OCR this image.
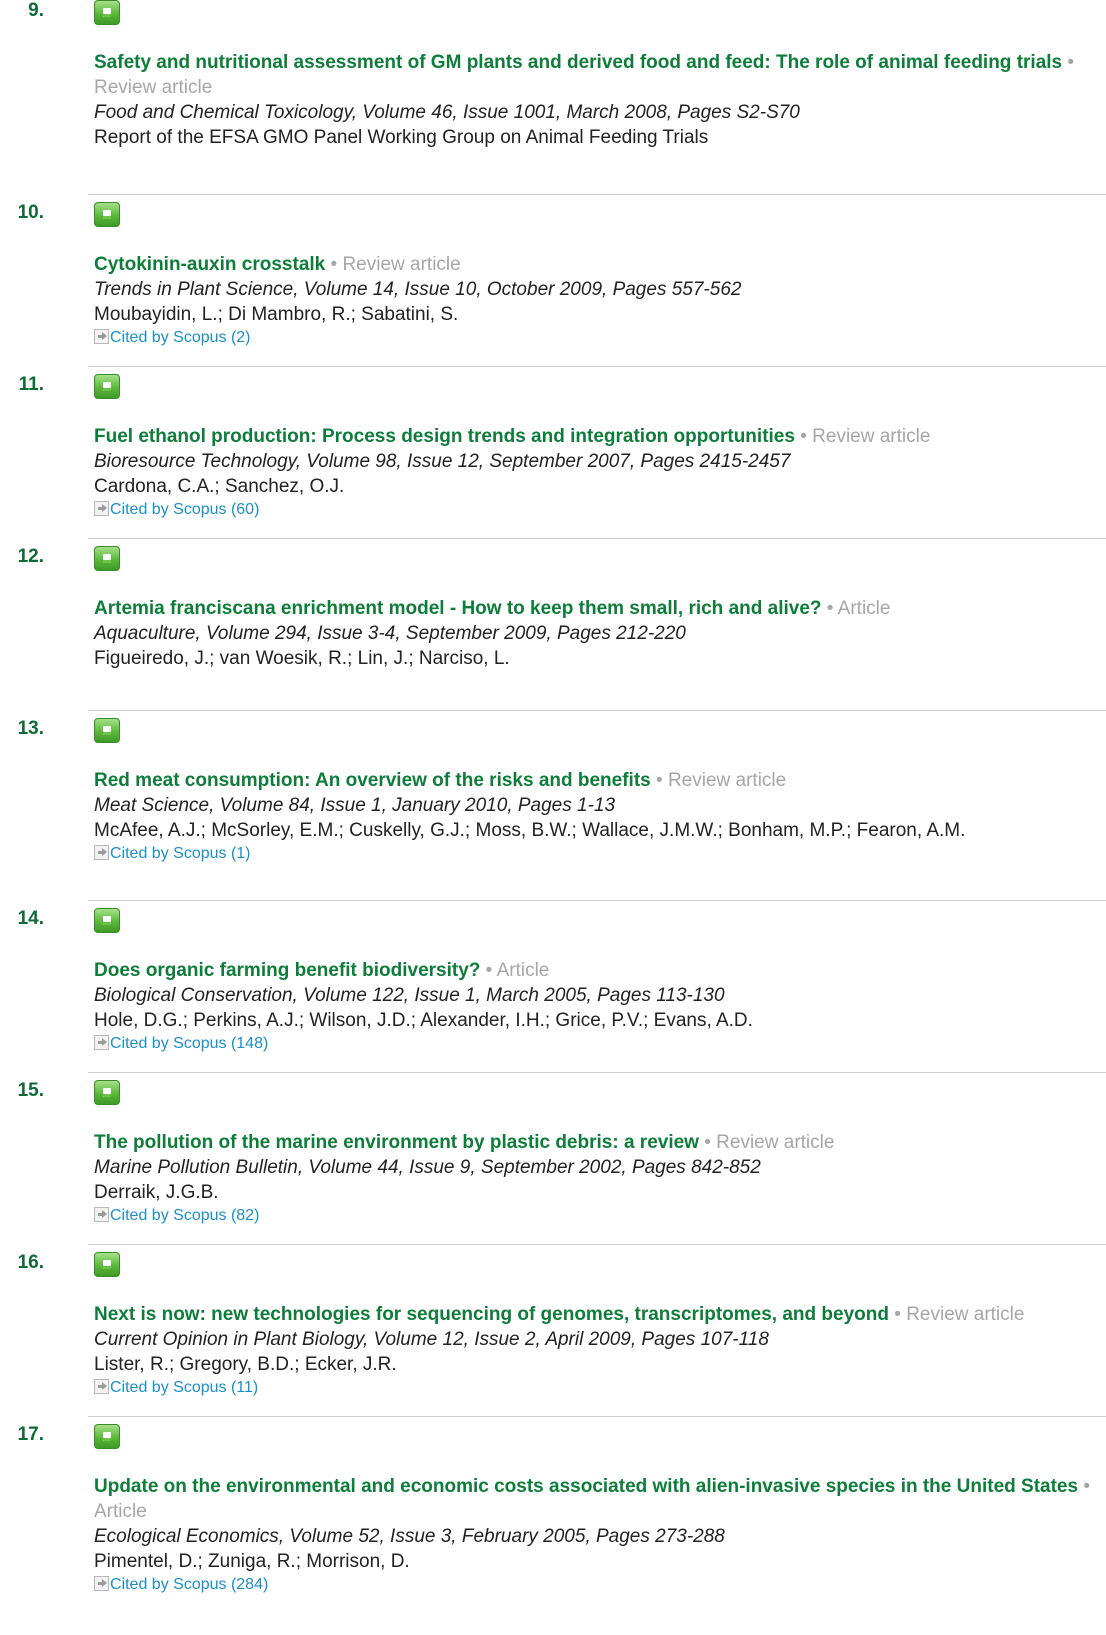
9.
Safety and nutritional assessment of GM plants and derived food and feed: The role of animal feeding trials • Review article
Food and Chemical Toxicology, Volume 46, Issue 1001, March 2008, Pages S2-S70
Report of the EFSA GMO Panel Working Group on Animal Feeding Trials
10.
Cytokinin-auxin crosstalk • Review article
Trends in Plant Science, Volume 14, Issue 10, October 2009, Pages 557-562
Moubayidin, L.; Di Mambro, R.; Sabatini, S.
Cited by Scopus (2)
11.
Fuel ethanol production: Process design trends and integration opportunities • Review article
Bioresource Technology, Volume 98, Issue 12, September 2007, Pages 2415-2457
Cardona, C.A.; Sanchez, O.J.
Cited by Scopus (60)
12.
Artemia franciscana enrichment model - How to keep them small, rich and alive? • Article
Aquaculture, Volume 294, Issue 3-4, September 2009, Pages 212-220
Figueiredo, J.; van Woesik, R.; Lin, J.; Narciso, L.
13.
Red meat consumption: An overview of the risks and benefits • Review article
Meat Science, Volume 84, Issue 1, January 2010, Pages 1-13
McAfee, A.J.; McSorley, E.M.; Cuskelly, G.J.; Moss, B.W.; Wallace, J.M.W.; Bonham, M.P.; Fearon, A.M.
Cited by Scopus (1)
14.
Does organic farming benefit biodiversity? • Article
Biological Conservation, Volume 122, Issue 1, March 2005, Pages 113-130
Hole, D.G.; Perkins, A.J.; Wilson, J.D.; Alexander, I.H.; Grice, P.V.; Evans, A.D.
Cited by Scopus (148)
15.
The pollution of the marine environment by plastic debris: a review • Review article
Marine Pollution Bulletin, Volume 44, Issue 9, September 2002, Pages 842-852
Derraik, J.G.B.
Cited by Scopus (82)
16.
Next is now: new technologies for sequencing of genomes, transcriptomes, and beyond • Review article
Current Opinion in Plant Biology, Volume 12, Issue 2, April 2009, Pages 107-118
Lister, R.; Gregory, B.D.; Ecker, J.R.
Cited by Scopus (11)
17.
Update on the environmental and economic costs associated with alien-invasive species in the United States • Article
Ecological Economics, Volume 52, Issue 3, February 2005, Pages 273-288
Pimentel, D.; Zuniga, R.; Morrison, D.
Cited by Scopus (284)
